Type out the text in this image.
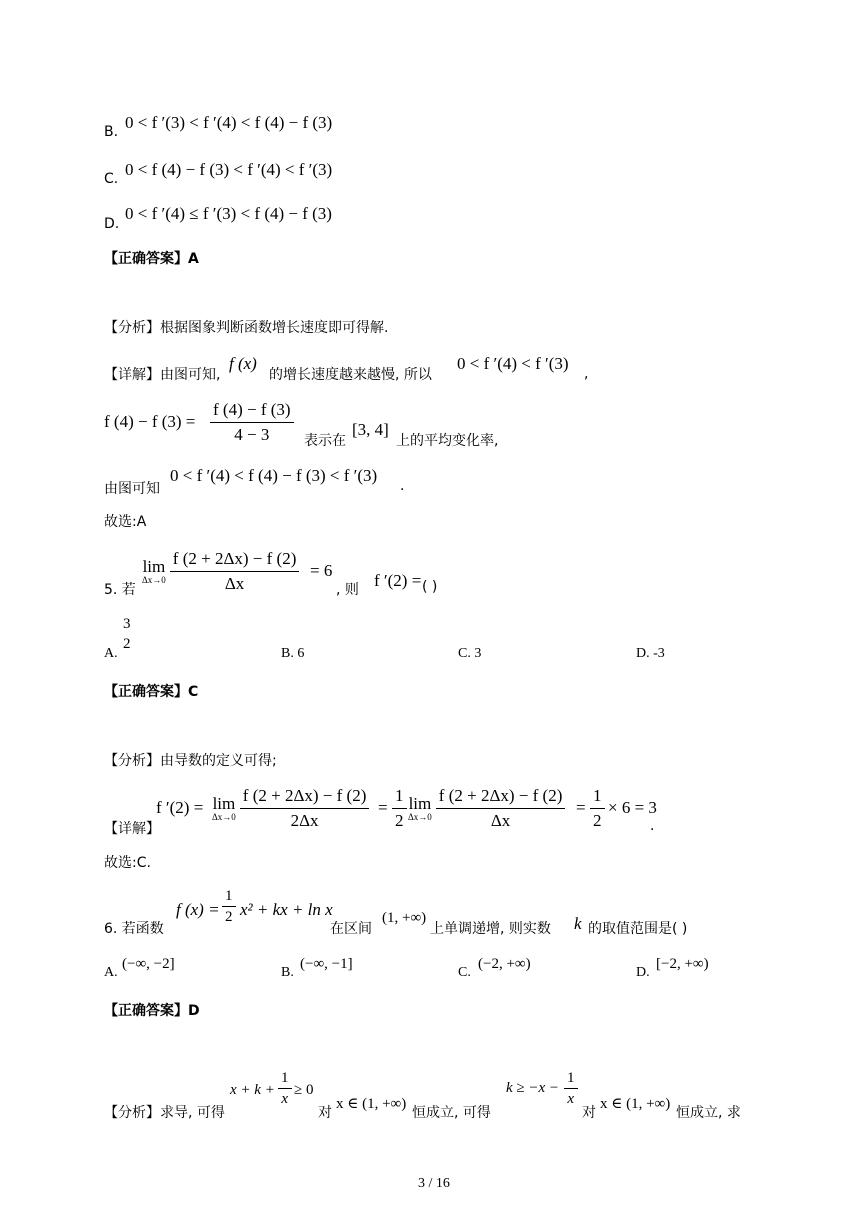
B. 0 < f ′(3) < f ′(4) < f (4) − f (3)
C. 0 < f (4) − f (3) < f ′(4) < f ′(3)
D.
0 < f ′(4) ≤ f ′(3) < f (4) − f (3)
【正确答案】A
【分析】根据图象判断函数增长速度即可得解.
【详解】由图可知,
f (x)
的增长速度越来越慢, 所以
0 < f ′(4) < f ′(3)
,
f (4) − f $(3) = \frac{f (4) - f (3)}{4 - 3}$ 表示在
[3, 4]
上的平均变化率,
由图可知
0 < f ′(4) < f (4) − f (3) < f ′(3)
.
故选:A
5. 若
lim
$\Delta x\to 0 \frac{f (2 + 2\Delta x) - f (2)}{\Delta x} = 6$
, 则 f ′(2) = ( )
A.
3
2
B. 6	C. 3	D. -3
【正确答案】C
【分析】由导数的定义可得;
【详解】
f ′(2) = lim
$\Delta x\to 0 \frac{f (2 + 2\Delta x) - f (2)}{2\Delta x} = \frac{1}{2}$ lim
$\Delta x\to 0 \frac{f (2 + 2\Delta x) - f (2)}{\Delta x} = \frac{1}{2} \times 6 = 3$
.
故选:C.
6. 若函数
f $(x) = \frac{1}{2} x^2$ + kx + ln x
在区间
(1, +∞)
上单调递增, 则实数 k 的取值范围是( )
A.
(−∞, −2]
B.
(−∞, −1]
C.
(−2, +∞)
D.
[−2, +∞)
【正确答案】D
【分析】求导, 可得
$x + k + \frac{1}{x} \ge 0$
对
x ∈ (1, +∞)
恒成立, 可得
$k \ge -x - \frac{1}{x}$
对
x ∈ (1, +∞)
恒成立, 求
3 / 16
